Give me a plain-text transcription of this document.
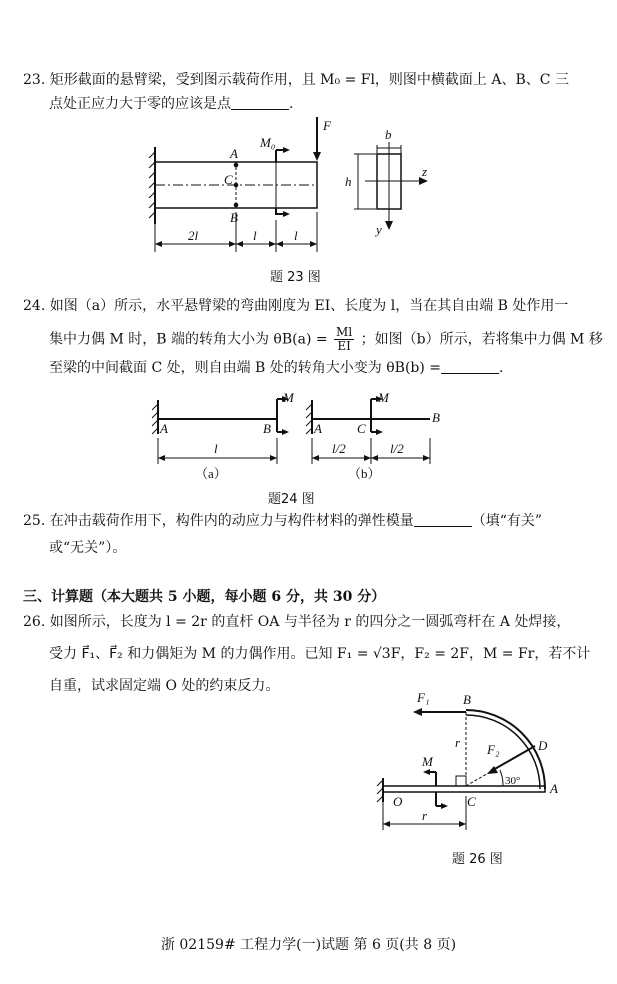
23. 矩形截面的悬臂梁，受到图示载荷作用，且 M₀ = Fl，则图中横截面上 A、B、C 三
点处正应力大于零的应该是点	.
F
M₀
A
C
B
2l	l	l
b
h
z
y
题 23 图
24. 如图（a）所示，水平悬臂梁的弯曲刚度为 EI、长度为 l，当在其自由端 B 处作用一
集中力偶 M 时，B 端的转角大小为 $\theta B(a) = \frac{Ml}{EI}$ ；如图（b）所示，若将集中力偶 M 移
至梁的中间截面 C 处，则自由端 B 处的转角大小变为 θB(b) =	.
M
A	B
l
（a）
M
A	C
B
l/2	l/2
（b）
题24 图
25. 在冲击载荷作用下，构件内的动应力与构件材料的弹性模量	（填“有关”
或“无关”）。
三、计算题（本大题共 5 小题，每小题 6 分，共 30 分）
26. 如图所示，长度为 l = 2r 的直杆 OA 与半径为 r 的四分之一圆弧弯杆在 A 处焊接，
受力 F⃗₁、F⃗₂ 和力偶矩为 M 的力偶作用。已知 F₁ = √3F，F₂ = 2F，M = Fr，若不计
自重，试求固定端 O 处的约束反力。
F₁	B
r F₂	D
30°
M
O	C
A
r
题 26 图
浙 02159# 工程力学(一)试题 第 6 页(共 8 页)
